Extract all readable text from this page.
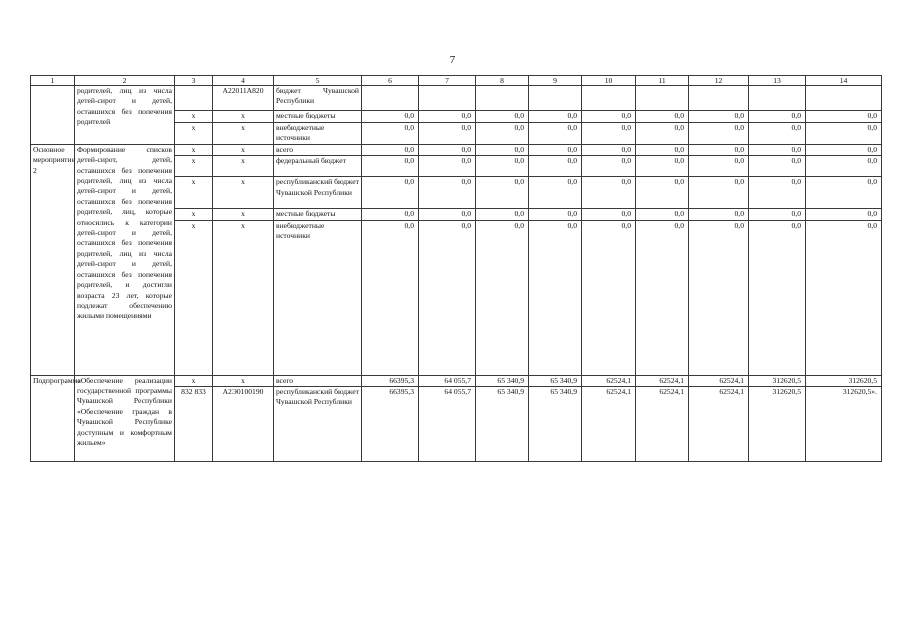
7
1	2	3	4	5	6	7	8	9	10	11	12	13	14
	родителей, лиц из числа детей-сирот и детей, оставшихся без попечения родителей		А22011А820	бюджет Чувашской Республики									
		х	х	местные бюджеты	0,0	0,0	0,0	0,0	0,0	0,0	0,0	0,0	0,0
		х	х	внебюджетные источники	0,0	0,0	0,0	0,0	0,0	0,0	0,0	0,0	0,0
Основное мероприятие 2	Формирование списков детей-сирот, детей, оставшихся без попечения родителей, лиц из числа детей-сирот и детей, оставшихся без попечения родителей, лиц, которые относились к категории детей-сирот и детей, оставшихся без попечения родителей, лиц из числа детей-сирот и детей, оставшихся без попечения родителей, и достигли возраста 23 лет, которые подлежат обеспечению жилыми помещениями	х	х	всего	0,0	0,0	0,0	0,0	0,0	0,0	0,0	0,0	0,0
		х	х	федеральный бюджет	0,0	0,0	0,0	0,0	0,0	0,0	0,0	0,0	0,0
		х	х	республиканский бюджет Чувашской Республики	0,0	0,0	0,0	0,0	0,0	0,0	0,0	0,0	0,0
		х	х	местные бюджеты	0,0	0,0	0,0	0,0	0,0	0,0	0,0	0,0	0,0
		х	х	внебюджетные источники	0,0	0,0	0,0	0,0	0,0	0,0	0,0	0,0	0,0
Подпрограмма	«Обеспечение реализации государственной программы Чувашской Республики «Обеспечение граждан в Чувашской Республике доступным и комфортным жильем»	х	х	всего	66395,3	64 055,7	65 340,9	65 340,9	62524,1	62524,1	62524,1	312620,5	312620,5
		832 833	А2Э0100190	республиканский бюджет Чувашской Республики	66395,3	64 055,7	65 340,9	65 340,9	62524,1	62524,1	62524,1	312620,5	312620,5».
